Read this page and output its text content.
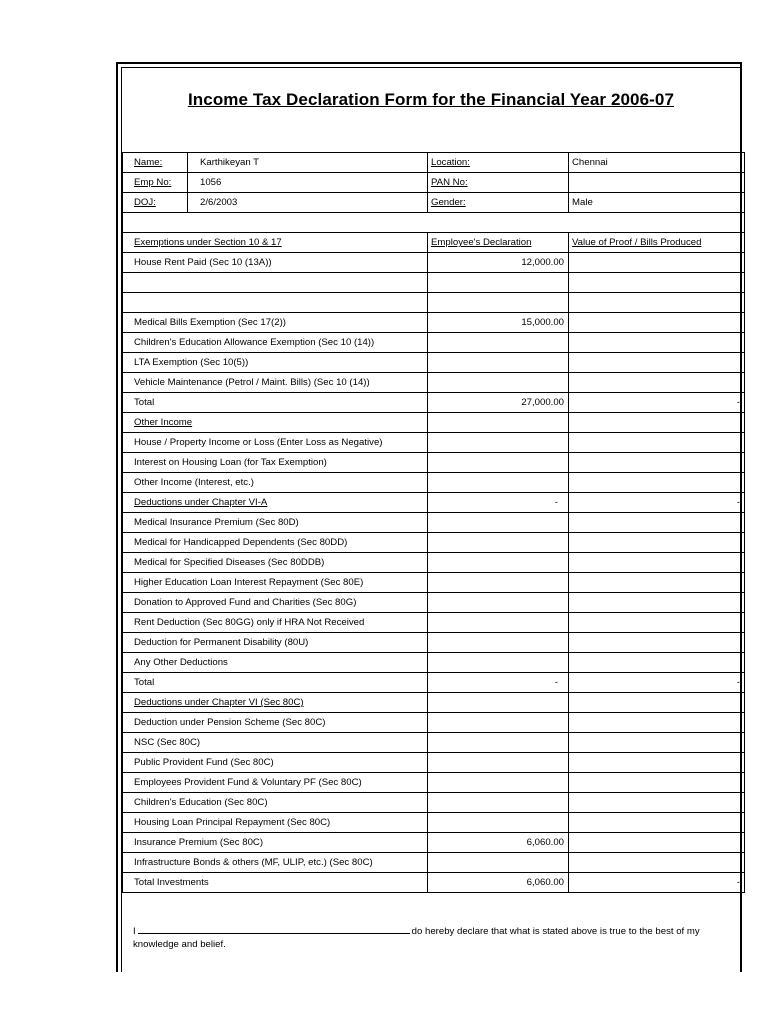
Income Tax Declaration Form for the Financial Year 2006-07
Name:	Karthikeyan T	Location:	Chennai
Emp No:	1056	PAN No:	
DOJ:	2/6/2003	Gender:	Male

Exemptions under Section 10 & 17		Employee's Declaration	Value of Proof / Bills Produced
House Rent Paid (Sec 10 (13A))		12,000.00	

Medical Bills Exemption (Sec 17(2))		15,000.00	
Children's Education Allowance Exemption (Sec 10 (14))			
LTA Exemption (Sec 10(5))			
Vehicle Maintenance (Petrol / Maint. Bills) (Sec 10 (14))			
Total		27,000.00	-
Other Income			
House / Property Income or Loss (Enter Loss as Negative)			
Interest on Housing Loan (for Tax Exemption)			
Other Income (Interest, etc.)			
Deductions under Chapter VI-A		-	-
Medical Insurance Premium (Sec 80D)			
Medical for Handicapped Dependents (Sec 80DD)			
Medical for Specified Diseases (Sec 80DDB)			
Higher Education Loan Interest Repayment (Sec 80E)			
Donation to Approved Fund and Charities (Sec 80G)			
Rent Deduction (Sec 80GG) only if HRA Not Received			
Deduction for Permanent Disability (80U)			
Any Other Deductions			
Total		-	-
Deductions under Chapter VI (Sec 80C)			
Deduction under Pension Scheme (Sec 80C)			
NSC (Sec 80C)			
Public Provident Fund (Sec 80C)			
Employees Provident Fund & Voluntary PF (Sec 80C)			
Children's Education (Sec 80C)			
Housing Loan Principal Repayment (Sec 80C)			
Insurance Premium (Sec 80C)		6,060.00	
Infrastructure Bonds & others (MF, ULIP, etc.) (Sec 80C)			
Total Investments		6,060.00	-
I	do hereby declare that what is stated above is true to the best of my knowledge and belief.
